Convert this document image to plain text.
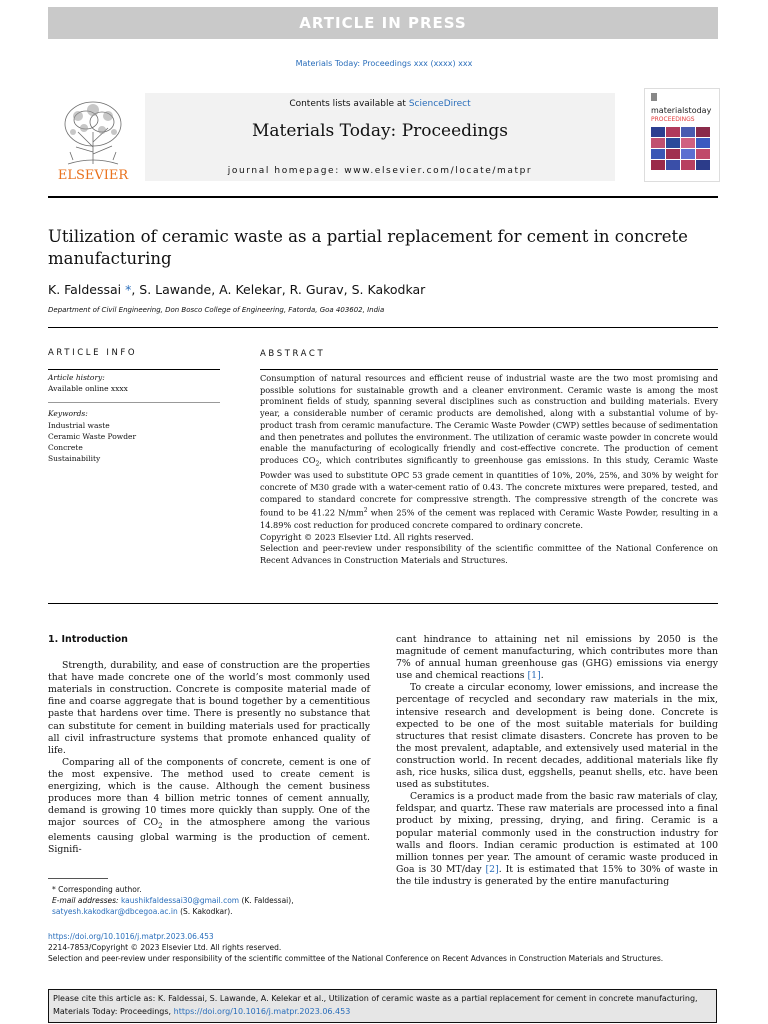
ARTICLE IN PRESS
Materials Today: Proceedings xxx (xxxx) xxx
ELSEVIER
Contents lists available at ScienceDirect
Materials Today: Proceedings
journal homepage: www.elsevier.com/locate/matpr
materialstoday
PROCEEDINGS
Utilization of ceramic waste as a partial replacement for cement in concrete manufacturing
K. Faldessai *, S. Lawande, A. Kelekar, R. Gurav, S. Kakodkar
Department of Civil Engineering, Don Bosco College of Engineering, Fatorda, Goa 403602, India
ARTICLE INFO
Article history:
Available online xxxx
Keywords:
Industrial waste
Ceramic Waste Powder
Concrete
Sustainability
ABSTRACT

Consumption of natural resources and efficient reuse of industrial waste are the two most promising and possible solutions for sustainable growth and a cleaner environment. Ceramic waste is among the most prominent fields of study, spanning several disciplines such as construction and building materials. Every year, a considerable number of ceramic products are demolished, along with a substantial volume of by-product trash from ceramic manufacture. The Ceramic Waste Powder (CWP) settles because of sedimentation and then penetrates and pollutes the environment. The utilization of ceramic waste powder in concrete would enable the manufacturing of ecologically friendly and cost-effective concrete. The production of cement produces $CO_2$, which contributes significantly to greenhouse gas emissions. In this study, Ceramic Waste Powder was used to substitute OPC 53 grade cement in quantities of 10%, 20%, 25%, and 30% by weight for concrete of M30 grade with a water-cement ratio of 0.43. The concrete mixtures were prepared, tested, and compared to standard concrete for compressive strength. The compressive strength of the concrete was found to be 41.22 $N/mm^2$ when 25% of the cement was replaced with Ceramic Waste Powder, resulting in a 14.89% cost reduction for produced concrete compared to ordinary concrete.

Copyright © 2023 Elsevier Ltd. All rights reserved.

Selection and peer-review under responsibility of the scientific committee of the National Conference on Recent Advances in Construction Materials and Structures.

1. Introduction

Strength, durability, and ease of construction are the properties that have made concrete one of the world’s most commonly used materials in construction. Concrete is composite material made of fine and coarse aggregate that is bound together by a cementitious paste that hardens over time. There is presently no substance that can substitute for cement in building materials used for practically all civil infrastructure systems that promote enhanced quality of life.

Comparing all of the components of concrete, cement is one of the most expensive. The method used to create cement is energizing, which is the cause. Although the cement business produces more than 4 billion metric tonnes of cement annually, demand is growing 10 times more quickly than supply. One of the major sources of $CO_2$ in the atmosphere among the various elements causing global warming is the production of cement. Signifi-

cant hindrance to attaining net nil emissions by 2050 is the magnitude of cement manufacturing, which contributes more than 7% of annual human greenhouse gas (GHG) emissions via energy use and chemical reactions [1].

To create a circular economy, lower emissions, and increase the percentage of recycled and secondary raw materials in the mix, intensive research and development is being done. Concrete is expected to be one of the most suitable materials for building structures that resist climate disasters. Concrete has proven to be the most prevalent, adaptable, and extensively used material in the construction world. In recent decades, additional materials like fly ash, rice husks, silica dust, eggshells, peanut shells, etc. have been used as substitutes.

Ceramics is a product made from the basic raw materials of clay, feldspar, and quartz. These raw materials are processed into a final product by mixing, pressing, drying, and firing. Ceramic is a popular material commonly used in the construction industry for walls and floors. Indian ceramic production is estimated at 100 million tonnes per year. The amount of ceramic waste produced in Goa is 30 MT/day [2]. It is estimated that 15% to 30% of waste in the tile industry is generated by the entire manufacturing

* Corresponding author.
E-mail addresses: kaushikfaldessai30@gmail.com (K. Faldessai), satyesh.kakodkar@dbcegoa.ac.in (S. Kakodkar).
https://doi.org/10.1016/j.matpr.2023.06.453
2214-7853/Copyright © 2023 Elsevier Ltd. All rights reserved.
Selection and peer-review under responsibility of the scientific committee of the National Conference on Recent Advances in Construction Materials and Structures.
Please cite this article as: K. Faldessai, S. Lawande, A. Kelekar et al., Utilization of ceramic waste as a partial replacement for cement in concrete manufacturing, Materials Today: Proceedings, https://doi.org/10.1016/j.matpr.2023.06.453
